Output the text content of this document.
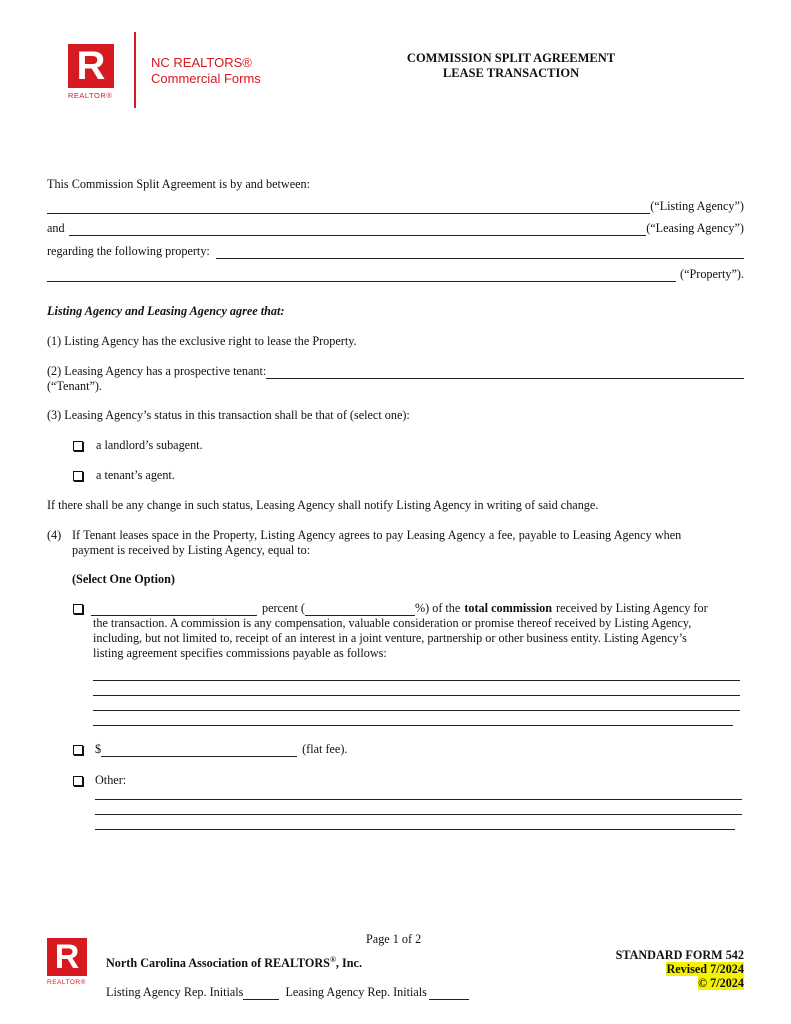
R
REALTOR®
NC REALTORS®
Commercial Forms
COMMISSION SPLIT AGREEMENT
LEASE TRANSACTION
This Commission Split Agreement is by and between:
(“Listing Agency”)
and	(“Leasing Agency”)
regarding the following property:
(“Property”).
Listing Agency and Leasing Agency agree that:
(1) Listing Agency has the exclusive right to lease the Property.
(2) Leasing Agency has a prospective tenant:
(“Tenant”).
(3) Leasing Agency’s status in this transaction shall be that of (select one):
a landlord’s subagent.
a tenant’s agent.
If there shall be any change in such status, Leasing Agency shall notify Listing Agency in writing of said change.
(4) If Tenant leases space in the Property, Listing Agency agrees to pay Leasing Agency a fee, payable to Leasing Agency when
payment is received by Listing Agency, equal to:
(Select One Option)
percent (	%) of the total commission received by Listing Agency for
the transaction. A commission is any compensation, valuable consideration or promise thereof received by Listing Agency,
including, but not limited to, receipt of an interest in a joint venture, partnership or other business entity. Listing Agency’s
listing agreement specifies commissions payable as follows:
$	(flat fee).
Other:
Page 1 of 2
R
REALTOR®
North Carolina Association of REALTORS®, Inc.
Listing Agency Rep. Initials	Leasing Agency Rep. Initials
STANDARD FORM 542
Revised 7/2024
© 7/2024
